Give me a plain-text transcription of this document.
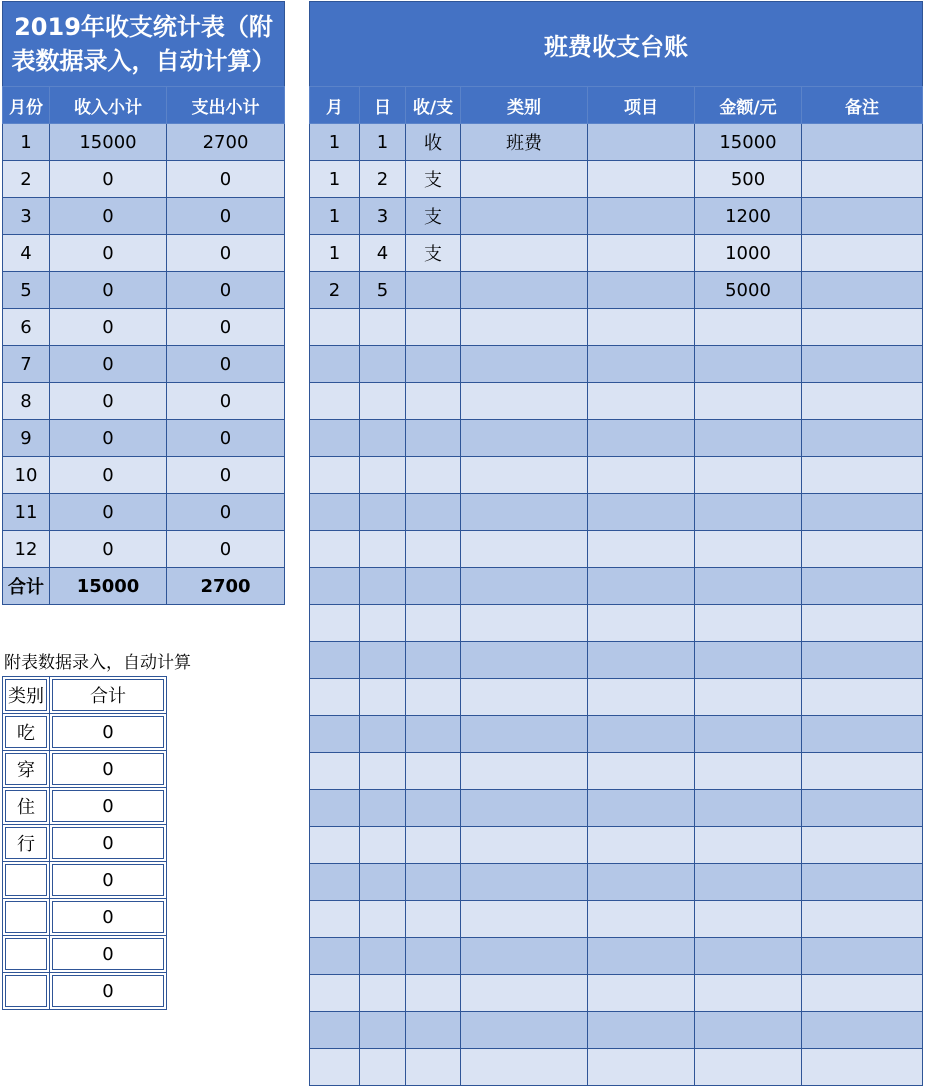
2019年收支统计表（附表数据录入，自动计算）		
月份	收入小计	支出小计
1	15000	2700
2	0	0
3	0	0
4	0	0
5	0	0
6	0	0
7	0	0
8	0	0
9	0	0
10	0	0
11	0	0
12	0	0
合计	15000	2700
附表数据录入，自动计算
类别	合计
吃	0
穿	0
住	0
行	0
	0
	0
	0
	0
班费收支台账						
月	日	收/支	类别	项目	金额/元	备注
1	1	收	班费		15000	
1	2	支			500	
1	3	支			1200	
1	4	支			1000	
2	5				5000	
